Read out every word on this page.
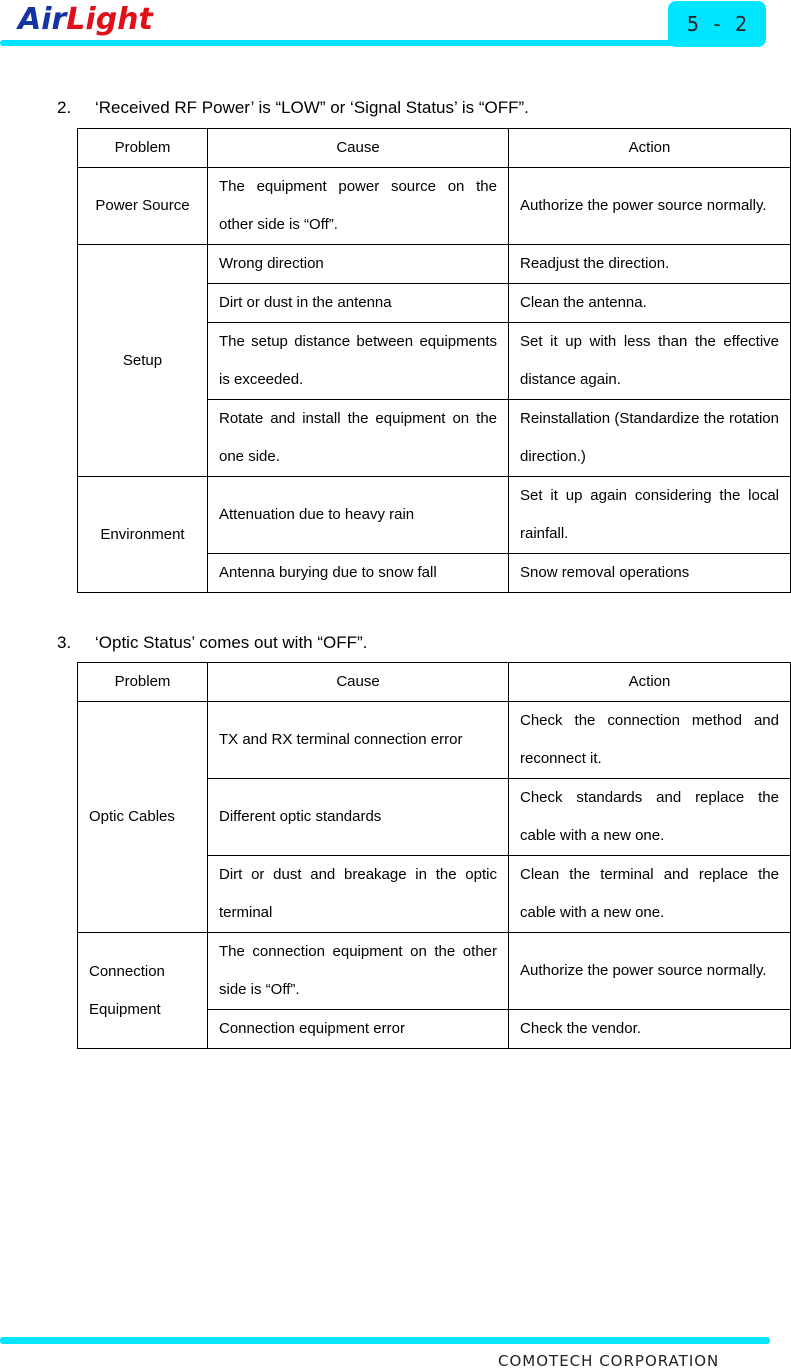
AirLight	5 - 2
2. ‘Received RF Power’ is “LOW” or ‘Signal Status’ is “OFF”.
Problem	Cause	Action
Power Source	The equipment power source on the other side is “Off”.	Authorize the power source normally.
Setup	Wrong direction	Readjust the direction.
	Dirt or dust in the antenna	Clean the antenna.
	The setup distance between equipments is exceeded.	Set it up with less than the effective distance again.
	Rotate and install the equipment on the one side.	Reinstallation (Standardize the rotation direction.)
Environment	Attenuation due to heavy rain	Set it up again considering the local rainfall.
	Antenna burying due to snow fall	Snow removal operations
3. ‘Optic Status’ comes out with “OFF”.
Problem	Cause	Action
Optic Cables	TX and RX terminal connection error	Check the connection method and reconnect it.
	Different optic standards	Check standards and replace the cable with a new one.
	Dirt or dust and breakage in the optic terminal	Clean the terminal and replace the cable with a new one.
Connection Equipment	The connection equipment on the other side is “Off”.	Authorize the power source normally.
	Connection equipment error	Check the vendor.
COMOTECH CORPORATION
